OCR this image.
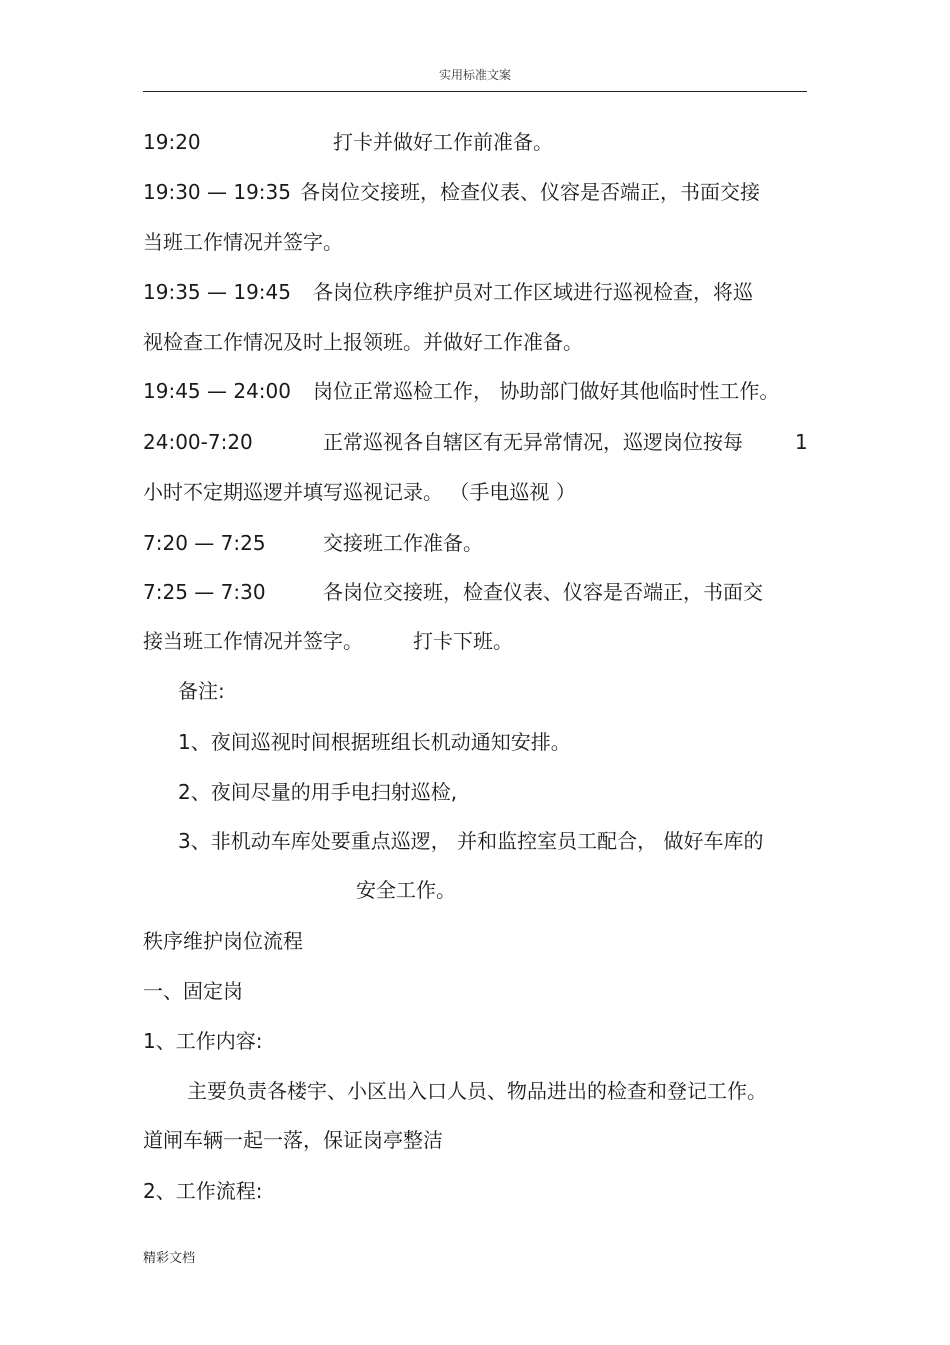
实用标准文案
19:20	打卡并做好工作前准备。
19:30 — 19:35 各岗位交接班，检查仪表、仪容是否端正，书面交接
当班工作情况并签字。
19:35 — 19:45 各岗位秩序维护员对工作区域进行巡视检查，将巡
视检查工作情况及时上报领班。并做好工作准备。
19:45 — 24:00 岗位正常巡检工作， 协助部门做好其他临时性工作。
24:00-7:20	正常巡视各自辖区有无异常情况，巡逻岗位按每	1
小时不定期巡逻并填写巡视记录。 （手电巡视 ）
7:20 — 7:25	交接班工作准备。
7:25 — 7:30	各岗位交接班，检查仪表、仪容是否端正，书面交
接当班工作情况并签字。	打卡下班。
备注:
1、夜间巡视时间根据班组长机动通知安排。
2、夜间尽量的用手电扫射巡检,
3、非机动车库处要重点巡逻， 并和监控室员工配合， 做好车库的
安全工作。
秩序维护岗位流程
一、固定岗
1、工作内容:
主要负责各楼宇、小区出入口人员、物品进出的检查和登记工作。
道闸车辆一起一落，保证岗亭整洁
2、工作流程:
精彩文档
